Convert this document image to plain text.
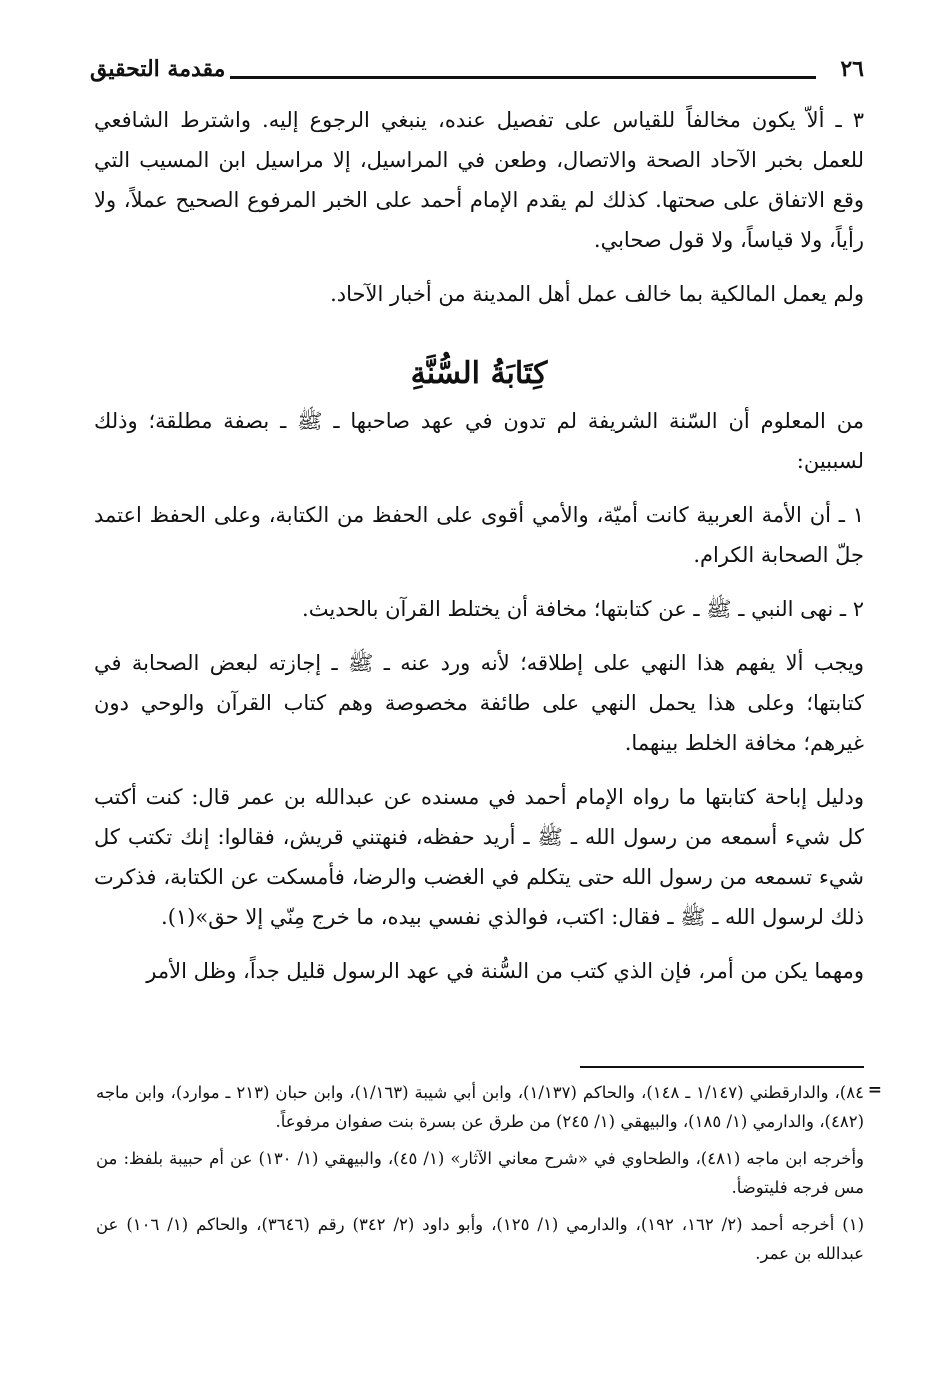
٢٦
مقدمة التحقيق

٣ ـ ألاّ يكون مخالفاً للقياس على تفصيل عنده، ينبغي الرجوع إليه. واشترط الشافعي للعمل بخبر الآحاد الصحة والاتصال، وطعن في المراسيل، إلا مراسيل ابن المسيب التي وقع الاتفاق على صحتها. كذلك لم يقدم الإمام أحمد على الخبر المرفوع الصحيح عملاً، ولا رأياً، ولا قياساً، ولا قول صحابي.

ولم يعمل المالكية بما خالف عمل أهل المدينة من أخبار الآحاد.

كِتَابَةُ السُّنَّةِ

من المعلوم أن السّنة الشريفة لم تدون في عهد صاحبها ـ ﷺ ـ بصفة مطلقة؛ وذلك لسببين:

١ ـ أن الأمة العربية كانت أميّة، والأمي أقوى على الحفظ من الكتابة، وعلى الحفظ اعتمد جلّ الصحابة الكرام.

٢ ـ نهى النبي ـ ﷺ ـ عن كتابتها؛ مخافة أن يختلط القرآن بالحديث.

ويجب ألا يفهم هذا النهي على إطلاقه؛ لأنه ورد عنه ـ ﷺ ـ إجازته لبعض الصحابة في كتابتها؛ وعلى هذا يحمل النهي على طائفة مخصوصة وهم كتاب القرآن والوحي دون غيرهم؛ مخافة الخلط بينهما.

ودليل إباحة كتابتها ما رواه الإمام أحمد في مسنده عن عبدالله بن عمر قال: كنت أكتب كل شيء أسمعه من رسول الله ـ ﷺ ـ أريد حفظه، فنهتني قريش، فقالوا: إنك تكتب كل شيء تسمعه من رسول الله حتى يتكلم في الغضب والرضا، فأمسكت عن الكتابة، فذكرت ذلك لرسول الله ـ ﷺ ـ فقال: اكتب، فوالذي نفسي بيده، ما خرج مِنّي إلا حق»(١).

ومهما يكن من أمر، فإن الذي كتب من السُّنة في عهد الرسول قليل جداً، وظل الأمر

=

٨٤)، والدارقطني (١/١٤٧ ـ ١٤٨)، والحاكم (١/١٣٧)، وابن أبي شيبة (١/١٦٣)، وابن حبان (٢١٣ ـ موارد)، وابن ماجه (٤٨٢)، والدارمي (١/ ١٨٥)، والبيهقي (١/ ٢٤٥) من طرق عن بسرة بنت صفوان مرفوعاً.

وأخرجه ابن ماجه (٤٨١)، والطحاوي في «شرح معاني الآثار» (١/ ٤٥)، والبيهقي (١/ ١٣٠) عن أم حبيبة بلفظ: من مس فرجه فليتوضأ.

(١) أخرجه أحمد (٢/ ١٦٢، ١٩٢)، والدارمي (١/ ١٢٥)، وأبو داود (٢/ ٣٤٢) رقم (٣٦٤٦)، والحاكم (١/ ١٠٦) عن عبدالله بن عمر.
